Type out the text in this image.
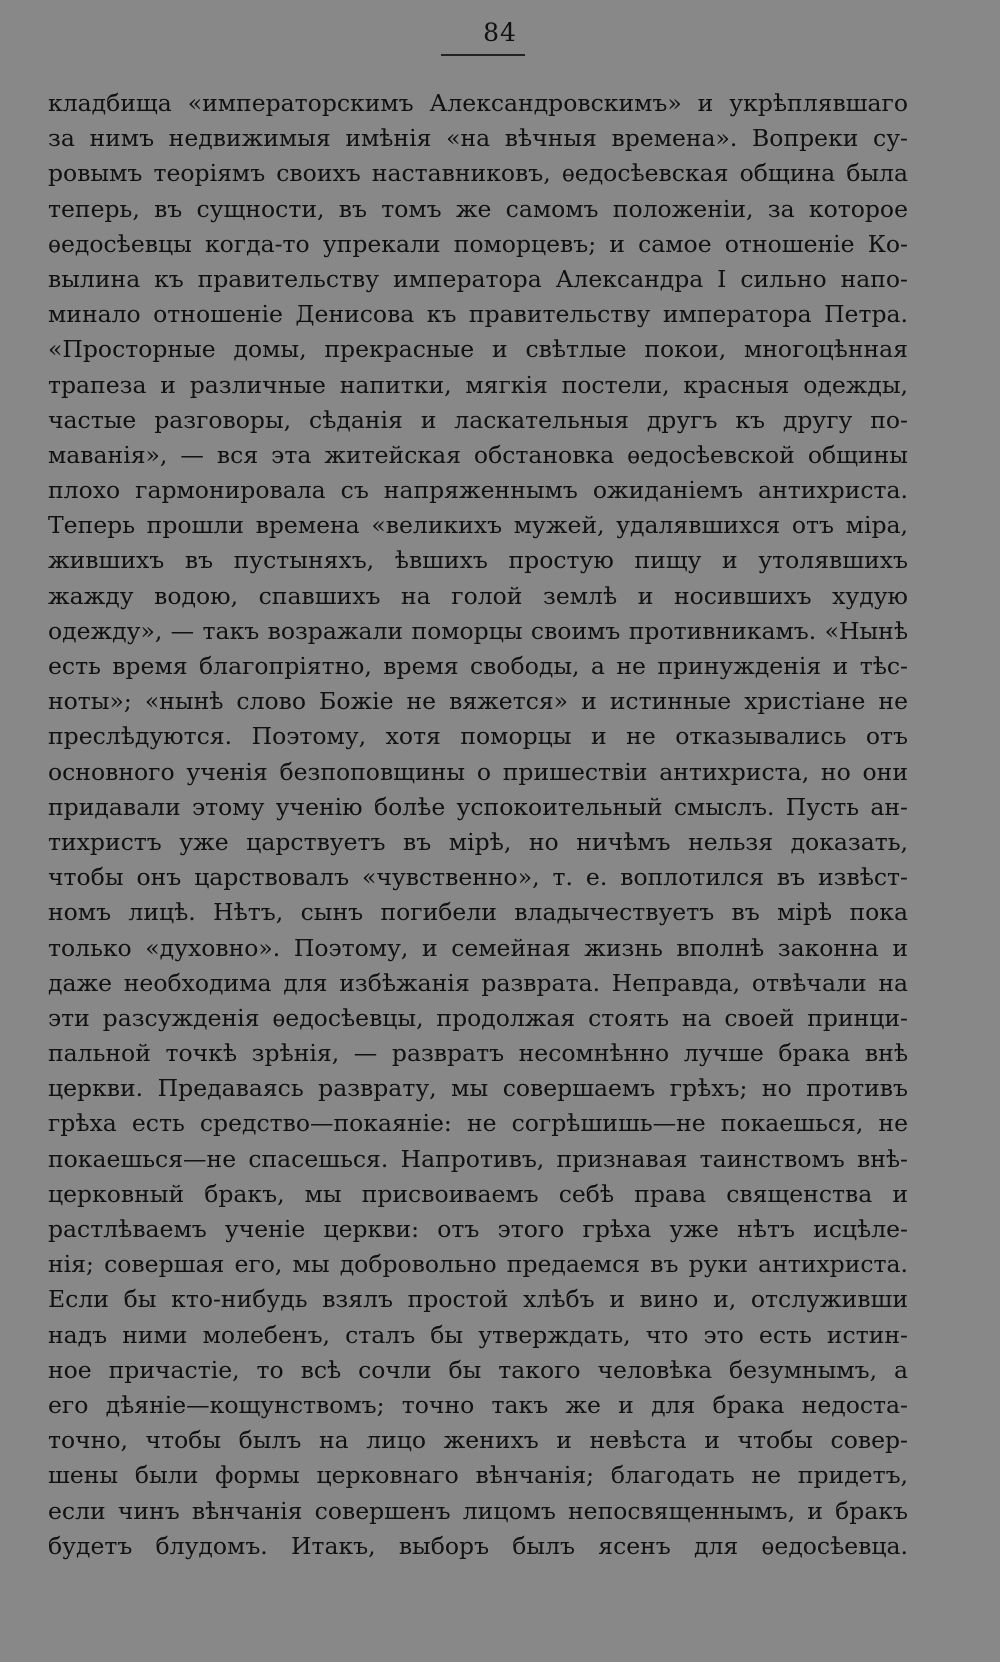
84
кладбища «императорскимъ Александровскимъ» и укрѣплявшаго
за нимъ недвижимыя имѣнія «на вѣчныя времена». Вопреки су-
ровымъ теоріямъ своихъ наставниковъ, ѳедосѣевская община была
теперь, въ сущности, въ томъ же самомъ положеніи, за которое
ѳедосѣевцы когда-то упрекали поморцевъ; и самое отношеніе Ко-
вылина къ правительству императора Александра I сильно напо-
минало отношеніе Денисова къ правительству императора Петра.
«Просторные домы, прекрасные и свѣтлые покои, многоцѣнная
трапеза и различные напитки, мягкія постели, красныя одежды,
частые разговоры, сѣданія и ласкательныя другъ къ другу по-
маванія», — вся эта житейская обстановка ѳедосѣевской общины
плохо гармонировала съ напряженнымъ ожиданіемъ антихриста.
Теперь прошли времена «великихъ мужей, удалявшихся отъ міра,
жившихъ въ пустыняхъ, ѣвшихъ простую пищу и утолявшихъ
жажду водою, спавшихъ на голой землѣ и носившихъ худую
одежду», — такъ возражали поморцы своимъ противникамъ. «Нынѣ
есть время благопріятно, время свободы, а не принужденія и тѣс-
ноты»; «нынѣ слово Божіе не вяжется» и истинные христіане не
преслѣдуются. Поэтому, хотя поморцы и не отказывались отъ
основного ученія безпоповщины о пришествіи антихриста, но они
придавали этому ученію болѣе успокоительный смыслъ. Пусть ан-
тихристъ уже царствуетъ въ мірѣ, но ничѣмъ нельзя доказать,
чтобы онъ царствовалъ «чувственно», т. е. воплотился въ извѣст-
номъ лицѣ. Нѣтъ, сынъ погибели владычествуетъ въ мірѣ пока
только «духовно». Поэтому, и семейная жизнь вполнѣ законна и
даже необходима для избѣжанія разврата. Неправда, отвѣчали на
эти разсужденія ѳедосѣевцы, продолжая стоять на своей принци-
пальной точкѣ зрѣнія, — развратъ несомнѣнно лучше брака внѣ
церкви. Предаваясь разврату, мы совершаемъ грѣхъ; но противъ
грѣха есть средство—покаяніе: не согрѣшишь—не покаешься, не
покаешься—не спасешься. Напротивъ, признавая таинствомъ внѣ-
церковный бракъ, мы присвоиваемъ себѣ права священства и
растлѣваемъ ученіе церкви: отъ этого грѣха уже нѣтъ исцѣле-
нія; совершая его, мы добровольно предаемся въ руки антихриста.
Если бы кто-нибудь взялъ простой хлѣбъ и вино и, отслуживши
надъ ними молебенъ, сталъ бы утверждать, что это есть истин-
ное причастіе, то всѣ сочли бы такого человѣка безумнымъ, а
его дѣяніе—кощунствомъ; точно такъ же и для брака недоста-
точно, чтобы былъ на лицо женихъ и невѣста и чтобы совер-
шены были формы церковнаго вѣнчанія; благодать не придетъ,
если чинъ вѣнчанія совершенъ лицомъ непосвященнымъ, и бракъ
будетъ блудомъ. Итакъ, выборъ былъ ясенъ для ѳедосѣевца.
